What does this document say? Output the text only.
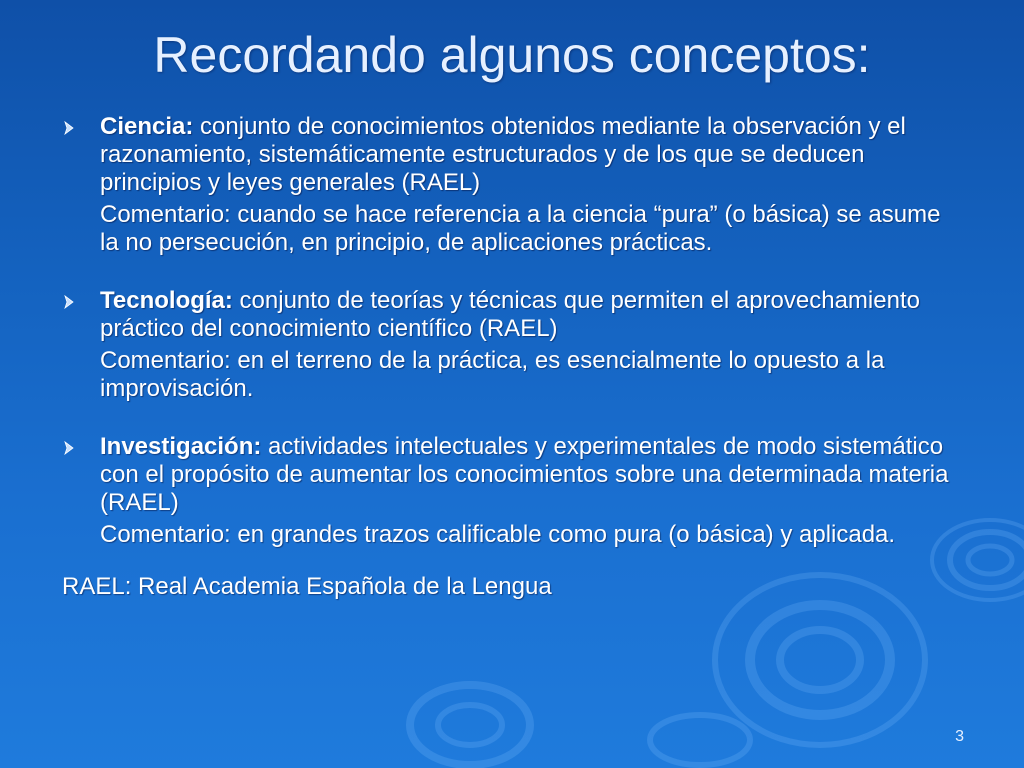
Recordando algunos conceptos:
Ciencia: conjunto de conocimientos obtenidos mediante la observación y el razonamiento, sistemáticamente estructurados y de los que se deducen principios y leyes generales (RAEL)
Comentario: cuando se hace referencia a la ciencia “pura” (o básica) se asume la no persecución, en principio, de aplicaciones prácticas.
Tecnología: conjunto de teorías y técnicas que permiten el aprovechamiento práctico del conocimiento científico (RAEL)
Comentario: en el terreno de la práctica, es esencialmente lo opuesto a la improvisación.
Investigación: actividades intelectuales y experimentales de modo sistemático con el propósito de aumentar los conocimientos sobre una determinada materia (RAEL)
Comentario: en grandes trazos calificable como pura (o básica) y aplicada.
RAEL: Real Academia Española de la Lengua
3
